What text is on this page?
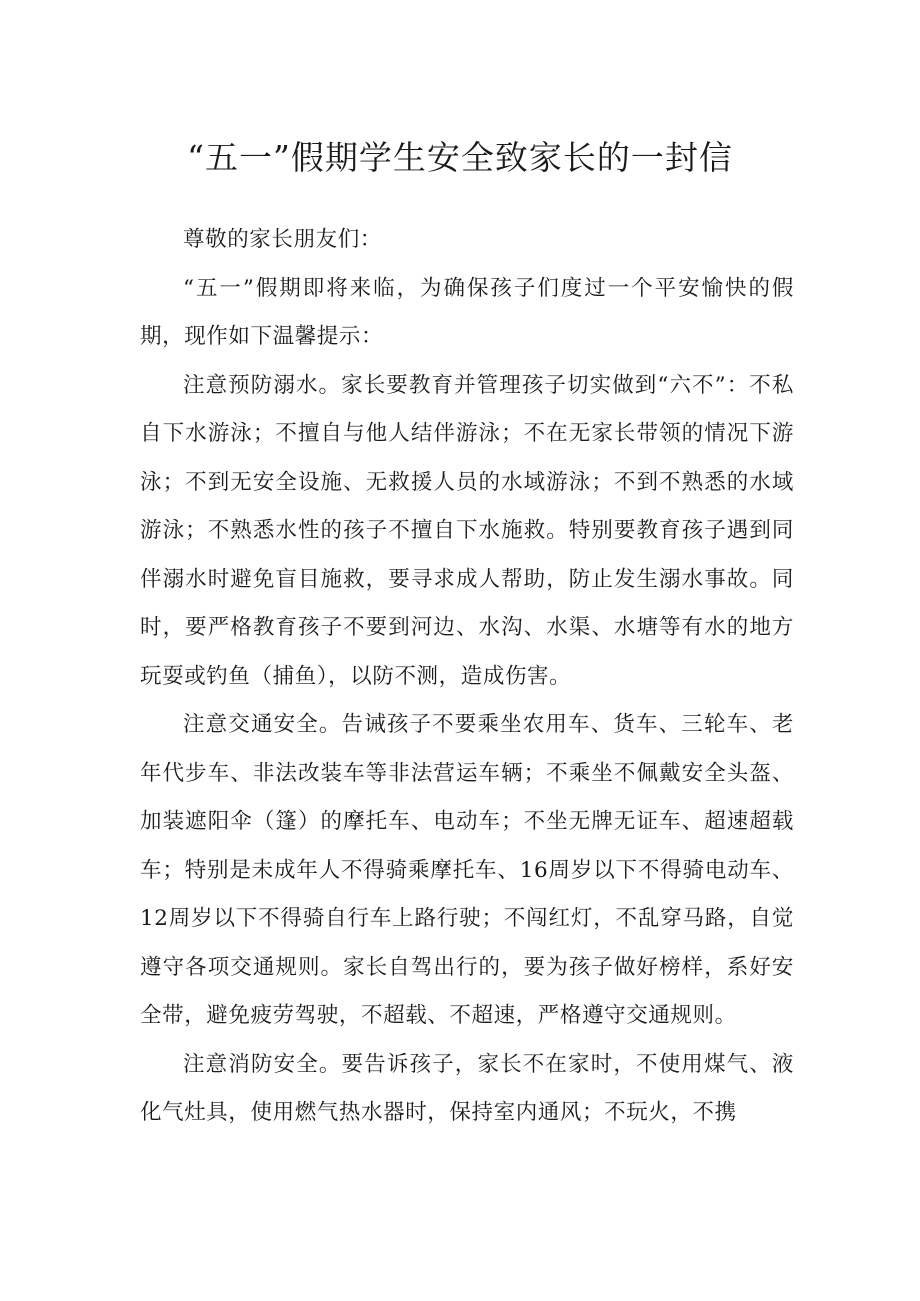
“五一”假期学生安全致家长的一封信

尊敬的家长朋友们：

“五一”假期即将来临，为确保孩子们度过一个平安愉快的假期，现作如下温馨提示：

注意预防溺水。家长要教育并管理孩子切实做到“六不”：不私自下水游泳；不擅自与他人结伴游泳；不在无家长带领的情况下游泳；不到无安全设施、无救援人员的水域游泳；不到不熟悉的水域游泳；不熟悉水性的孩子不擅自下水施救。特别要教育孩子遇到同伴溺水时避免盲目施救，要寻求成人帮助，防止发生溺水事故。同时，要严格教育孩子不要到河边、水沟、水渠、水塘等有水的地方玩耍或钓鱼（捕鱼），以防不测，造成伤害。

注意交通安全。告诫孩子不要乘坐农用车、货车、三轮车、老年代步车、非法改装车等非法营运车辆；不乘坐不佩戴安全头盔、加装遮阳伞（篷）的摩托车、电动车；不坐无牌无证车、超速超载车；特别是未成年人不得骑乘摩托车、16周岁以下不得骑电动车、12周岁以下不得骑自行车上路行驶；不闯红灯，不乱穿马路，自觉遵守各项交通规则。家长自驾出行的，要为孩子做好榜样，系好安全带，避免疲劳驾驶，不超载、不超速，严格遵守交通规则。

注意消防安全。要告诉孩子，家长不在家时，不使用煤气、液化气灶具，使用燃气热水器时，保持室内通风；不玩火，不携
